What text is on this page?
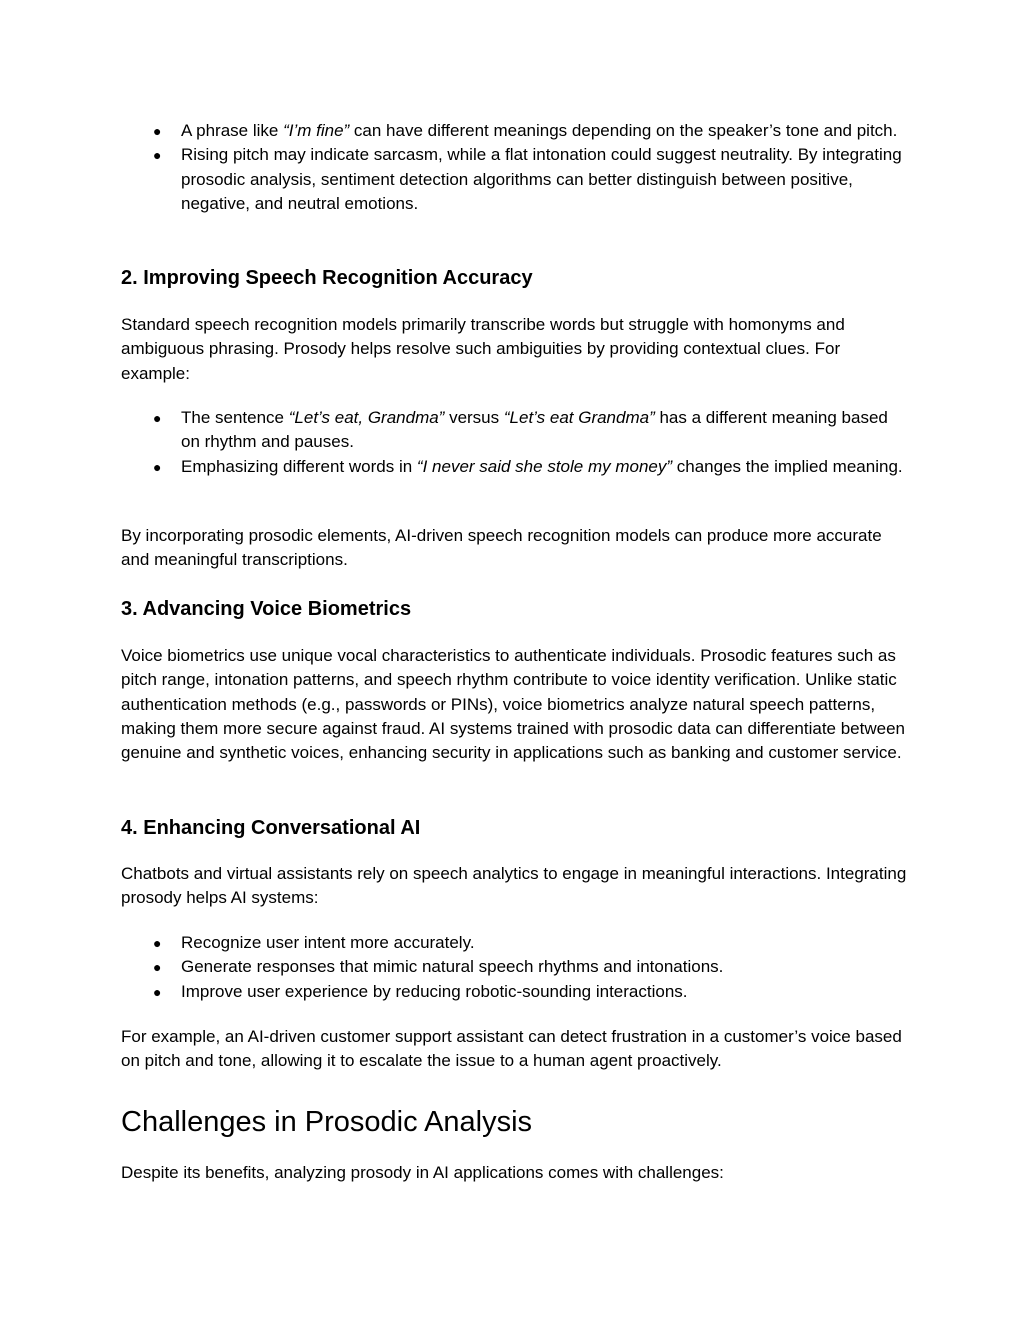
● A phrase like “I’m fine” can have different meanings depending on the speaker’s tone and pitch.
● Rising pitch may indicate sarcasm, while a flat intonation could suggest neutrality. By integrating prosodic analysis, sentiment detection algorithms can better distinguish between positive, negative, and neutral emotions.
2. Improving Speech Recognition Accuracy

Standard speech recognition models primarily transcribe words but struggle with homonyms and ambiguous phrasing. Prosody helps resolve such ambiguities by providing contextual clues. For example:

● The sentence “Let’s eat, Grandma” versus “Let’s eat Grandma” has a different meaning based on rhythm and pauses.
● Emphasizing different words in “I never said she stole my money” changes the implied meaning.

By incorporating prosodic elements, AI-driven speech recognition models can produce more accurate and meaningful transcriptions.

3. Advancing Voice Biometrics

Voice biometrics use unique vocal characteristics to authenticate individuals. Prosodic features such as pitch range, intonation patterns, and speech rhythm contribute to voice identity verification. Unlike static authentication methods (e.g., passwords or PINs), voice biometrics analyze natural speech patterns, making them more secure against fraud. AI systems trained with prosodic data can differentiate between genuine and synthetic voices, enhancing security in applications such as banking and customer service.

4. Enhancing Conversational AI

Chatbots and virtual assistants rely on speech analytics to engage in meaningful interactions. Integrating prosody helps AI systems:

● Recognize user intent more accurately.
● Generate responses that mimic natural speech rhythms and intonations.
● Improve user experience by reducing robotic-sounding interactions.

For example, an AI-driven customer support assistant can detect frustration in a customer’s voice based on pitch and tone, allowing it to escalate the issue to a human agent proactively.

Challenges in Prosodic Analysis

Despite its benefits, analyzing prosody in AI applications comes with challenges:
